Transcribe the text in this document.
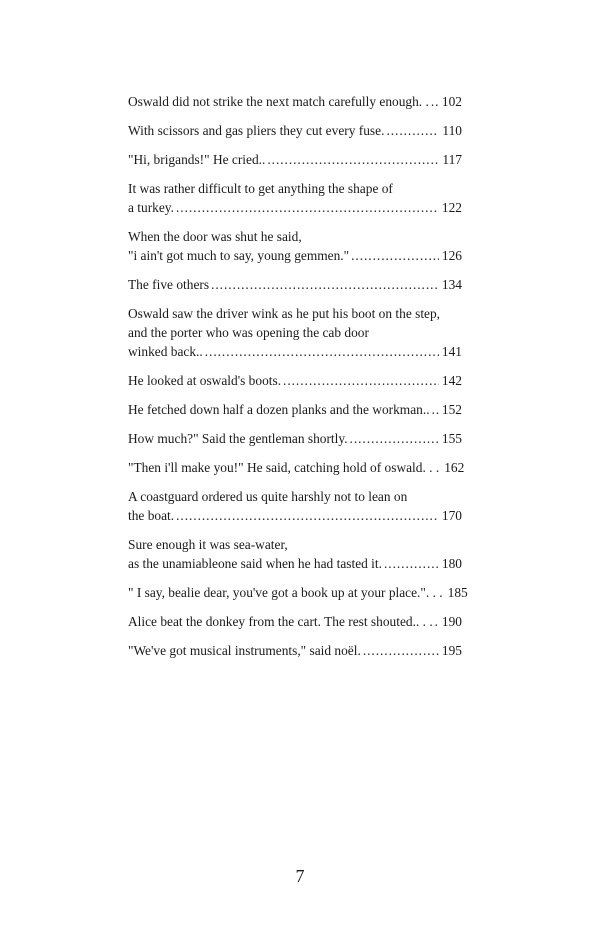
Oswald did not strike the next match carefully enough. . . . . 102
With scissors and gas pliers they cut every fuse. . . .	110
"Hi, brigands!" He cried.. . . .	117
It was rather difficult to get anything the shape of
a turkey. . . .	122
When the door was shut he said,
"i ain't got much to say, young gemmen." . . .	126
The five others . . .	134
Oswald saw the driver wink as he put his boot on the step,
and the porter who was opening the cab door
winked back.. . . .	141
He looked at oswald's boots. . . .	142
He fetched down half a dozen planks and the workman.. . . . 152
How much?" Said the gentleman shortly. . . .	155
"Then i'll make you!" He said, catching hold of oswald. . . 162
A coastguard ordered us quite harshly not to lean on
the boat. . . .	170
Sure enough it was sea-water,
as the unamiableone said when he had tasted it. . . .	180
" I say, bealie dear, you've got a book up at your place.". . . 185
Alice beat the donkey from the cart. The rest shouted.. . . . . . 190
"We've got musical instruments," said noël. . . .	195
7
